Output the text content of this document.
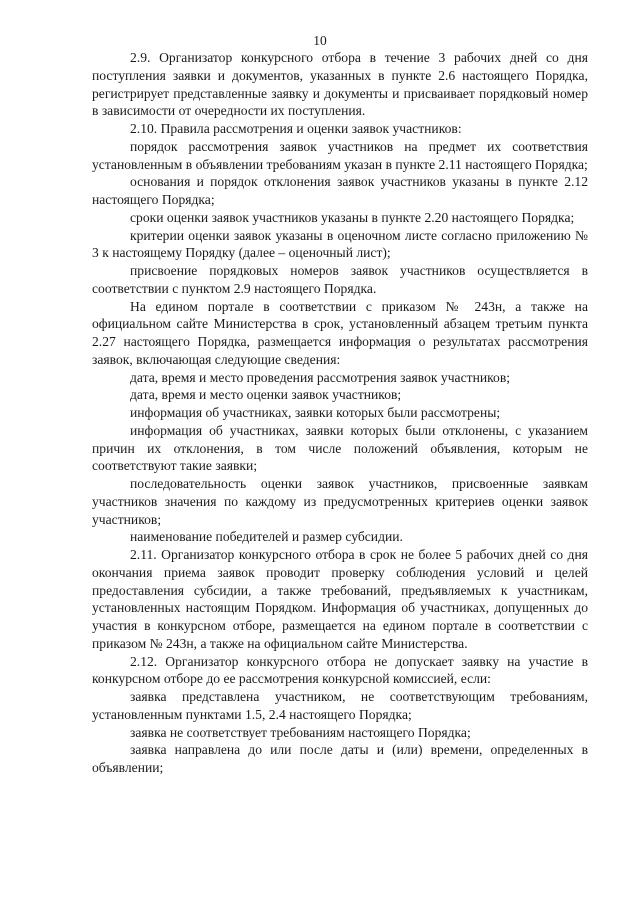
10

2.9. Организатор конкурсного отбора в течение 3 рабочих дней со дня поступления заявки и документов, указанных в пункте 2.6 настоящего Порядка, регистрирует представленные заявку и документы и присваивает порядковый номер в зависимости от очередности их поступления.

2.10. Правила рассмотрения и оценки заявок участников:

порядок рассмотрения заявок участников на предмет их соответствия установленным в объявлении требованиям указан в пункте 2.11 настоящего Порядка;

основания и порядок отклонения заявок участников указаны в пункте 2.12 настоящего Порядка;

сроки оценки заявок участников указаны в пункте 2.20 настоящего Порядка;

критерии оценки заявок указаны в оценочном листе согласно приложению № 3 к настоящему Порядку (далее – оценочный лист);

присвоение порядковых номеров заявок участников осуществляется в соответствии с пунктом 2.9 настоящего Порядка.

На едином портале в соответствии с приказом № 243н, а также на официальном сайте Министерства в срок, установленный абзацем третьим пункта 2.27 настоящего Порядка, размещается информация о результатах рассмотрения заявок, включающая следующие сведения:

дата, время и место проведения рассмотрения заявок участников;

дата, время и место оценки заявок участников;

информация об участниках, заявки которых были рассмотрены;

информация об участниках, заявки которых были отклонены, с указанием причин их отклонения, в том числе положений объявления, которым не соответствуют такие заявки;

последовательность оценки заявок участников, присвоенные заявкам участников значения по каждому из предусмотренных критериев оценки заявок участников;

наименование победителей и размер субсидии.

2.11. Организатор конкурсного отбора в срок не более 5 рабочих дней со дня окончания приема заявок проводит проверку соблюдения условий и целей предоставления субсидии, а также требований, предъявляемых к участникам, установленных настоящим Порядком. Информация об участниках, допущенных до участия в конкурсном отборе, размещается на едином портале в соответствии с приказом № 243н, а также на официальном сайте Министерства.

2.12. Организатор конкурсного отбора не допускает заявку на участие в конкурсном отборе до ее рассмотрения конкурсной комиссией, если:

заявка представлена участником, не соответствующим требованиям, установленным пунктами 1.5, 2.4 настоящего Порядка;

заявка не соответствует требованиям настоящего Порядка;

заявка направлена до или после даты и (или) времени, определенных в объявлении;
